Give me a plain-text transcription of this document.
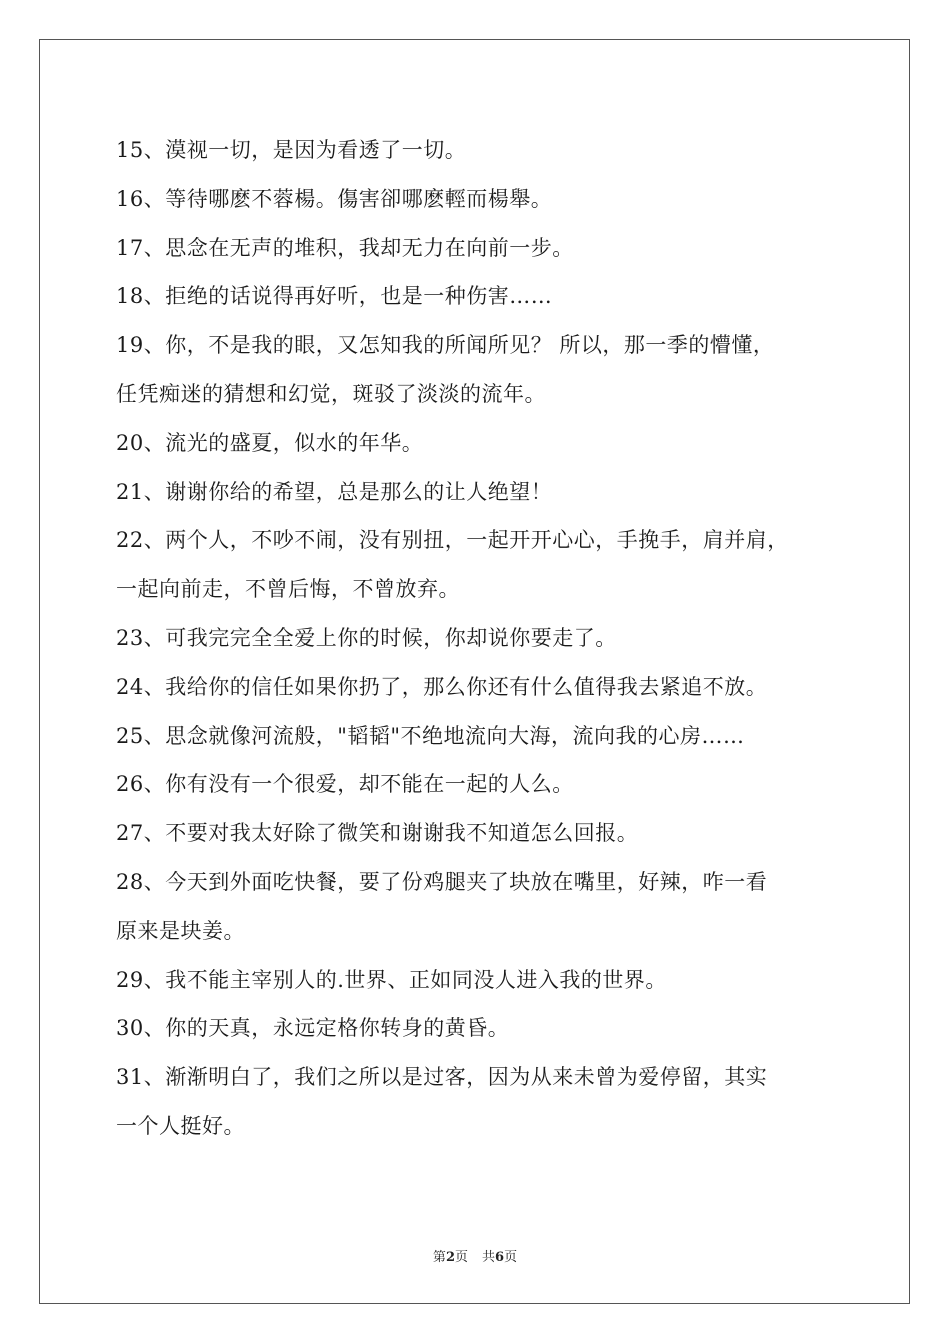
15、漠视一切，是因为看透了一切。
16、等待哪麽不蓉楊。傷害卻哪麽輕而楊舉。
17、思念在无声的堆积，我却无力在向前一步。
18、拒绝的话说得再好听，也是一种伤害……
19、你，不是我的眼，又怎知我的所闻所见？ 所以，那一季的懵懂，
任凭痴迷的猜想和幻觉，斑驳了淡淡的流年。
20、流光的盛夏，似水的年华。
21、谢谢你给的希望，总是那么的让人绝望！
22、两个人，不吵不闹，没有别扭，一起开开心心，手挽手，肩并肩，
一起向前走，不曾后悔，不曾放弃。
23、可我完完全全爱上你的时候，你却说你要走了。
24、我给你的信任如果你扔了，那么你还有什么值得我去紧追不放。
25、思念就像河流般，"韬韬"不绝地流向大海，流向我的心房……
26、你有没有一个很爱，却不能在一起的人么。
27、不要对我太好除了微笑和谢谢我不知道怎么回报。
28、今天到外面吃快餐，要了份鸡腿夹了块放在嘴里，好辣，咋一看
原来是块姜。
29、我不能主宰别人的.世界、正如同没人进入我的世界。
30、你的天真，永远定格你转身的黄昏。
31、渐渐明白了，我们之所以是过客，因为从来未曾为爱停留，其实
一个人挺好。
第2页 共6页
